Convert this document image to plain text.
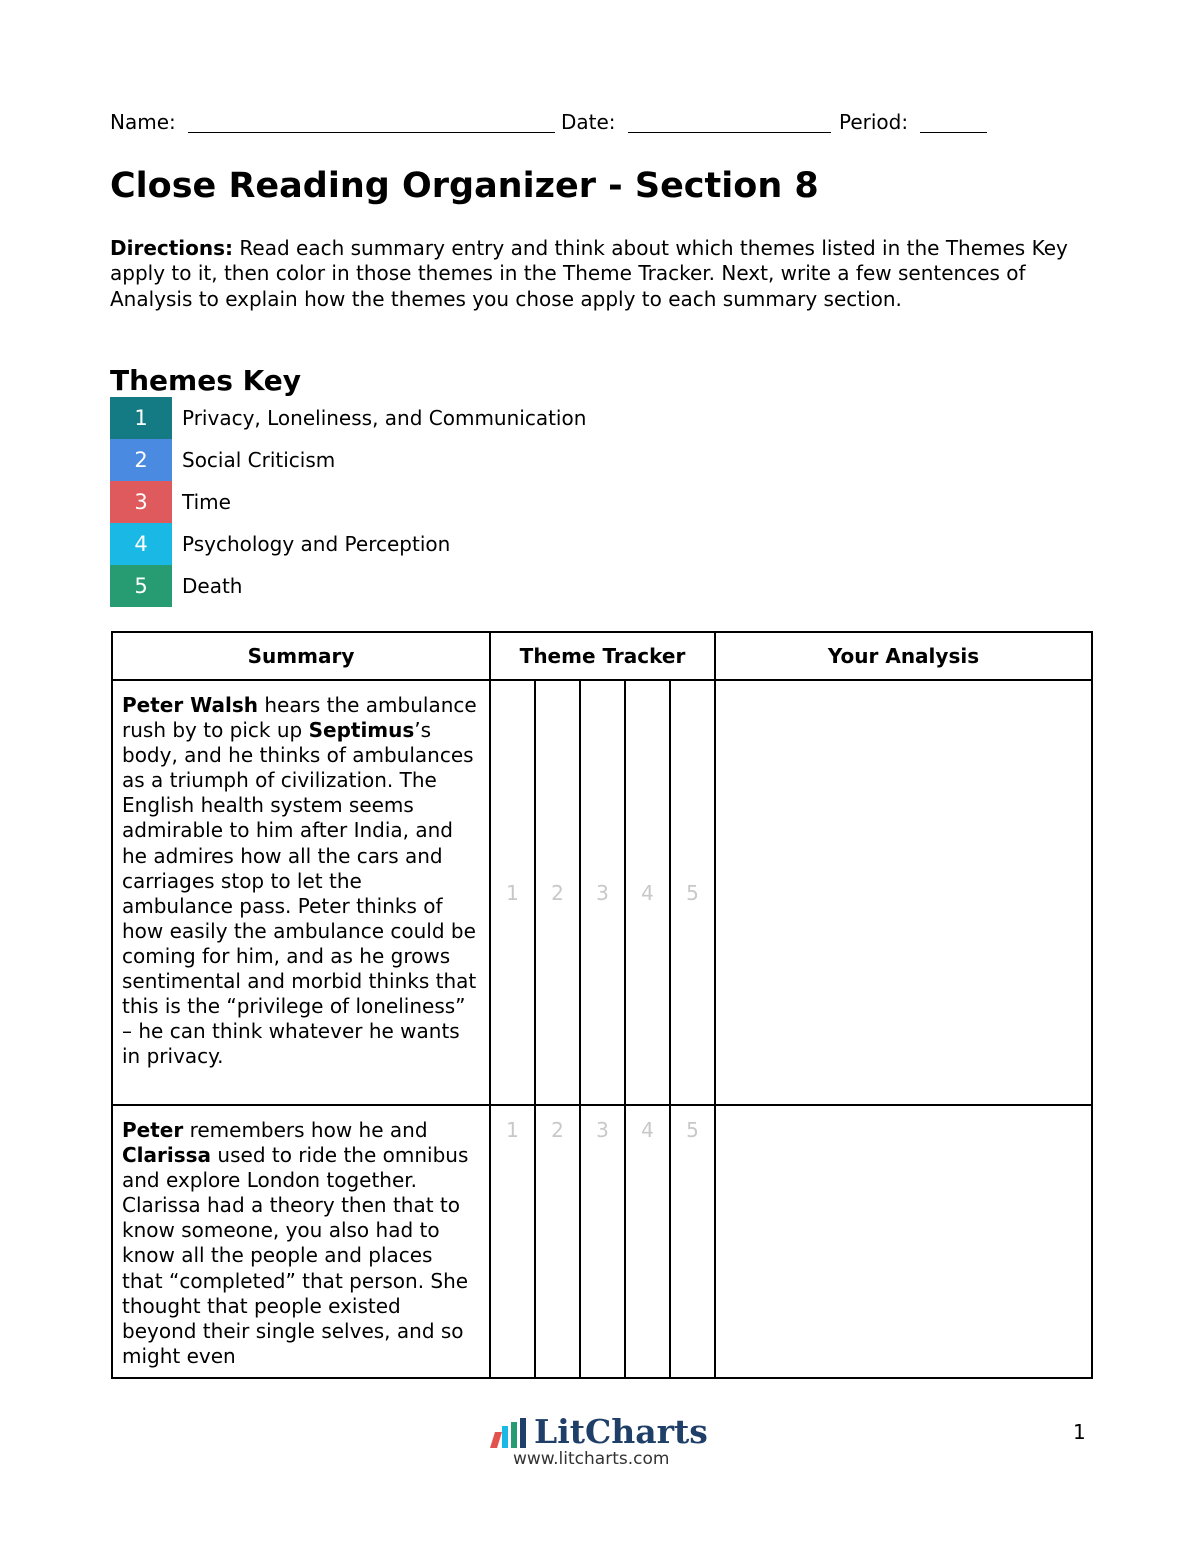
Name:	Date:	Period:
Close Reading Organizer - Section 8
Directions: Read each summary entry and think about which themes listed in the Themes Key apply to it, then color in those themes in the Theme Tracker. Next, write a few sentences of Analysis to explain how the themes you chose apply to each summary section.
Themes Key
1	Privacy, Loneliness, and Communication
2	Social Criticism
3	Time
4	Psychology and Perception
5	Death
Summary	Theme Tracker					Your Analysis
Peter Walsh hears the ambulance rush by to pick up Septimus’s body, and he thinks of ambulances as a triumph of civilization. The English health system seems admirable to him after India, and he admires how all the cars and carriages stop to let the ambulance pass. Peter thinks of how easily the ambulance could be coming for him, and as he grows sentimental and morbid thinks that this is the “privilege of loneliness” – he can think whatever he wants in privacy.	1	2	3	4	5	
Peter remembers how he and Clarissa used to ride the omnibus and explore London together. Clarissa had a theory then that to know someone, you also had to know all the people and places that “completed” that person. She thought that people existed beyond their single selves, and so might even	1	2	3	4	5	
LitCharts
www.litcharts.com
1
